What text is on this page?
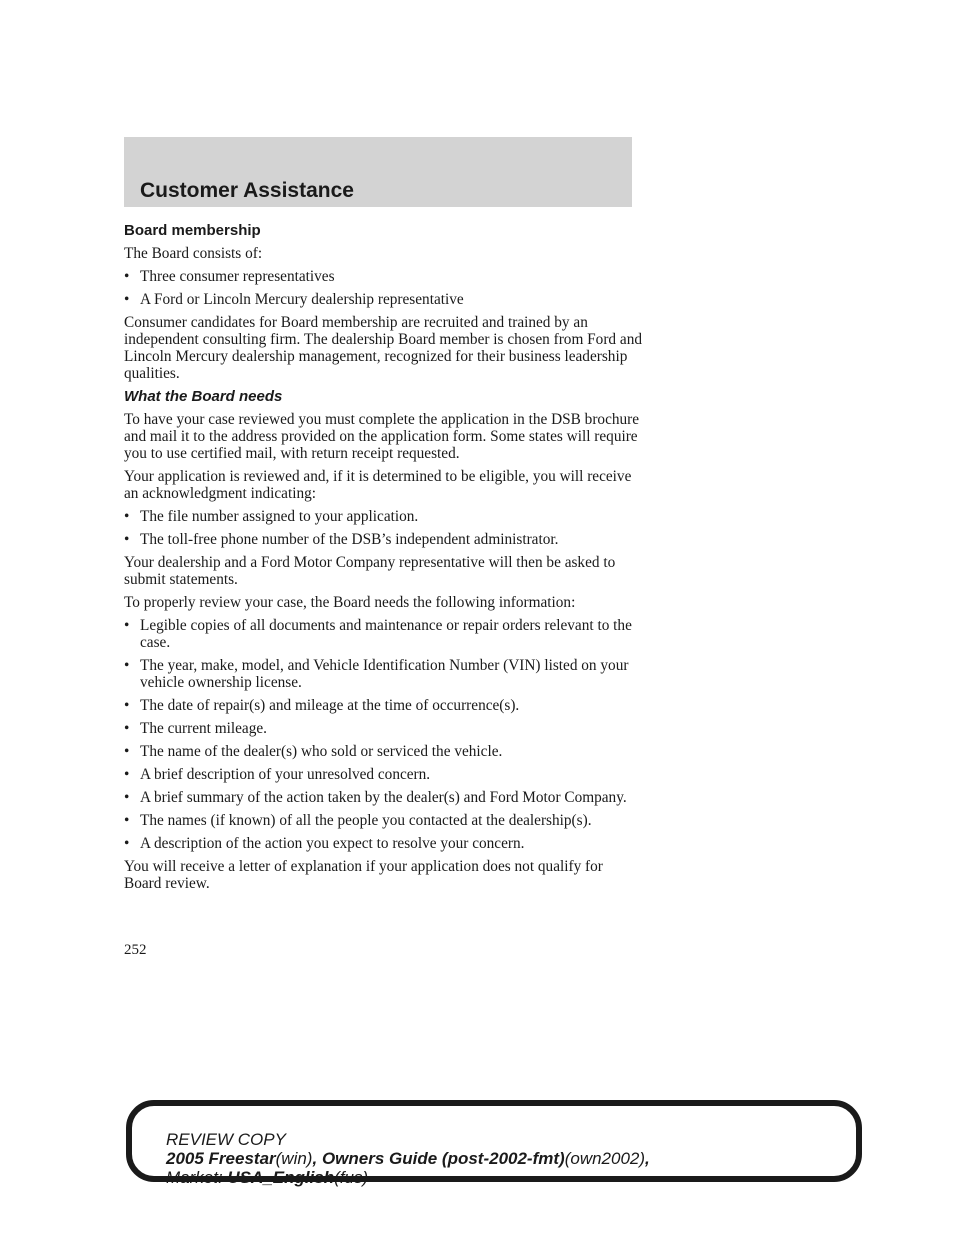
Customer Assistance
Board membership

The Board consists of:

• Three consumer representatives
• A Ford or Lincoln Mercury dealership representative

Consumer candidates for Board membership are recruited and trained by an independent consulting firm. The dealership Board member is chosen from Ford and Lincoln Mercury dealership management, recognized for their business leadership qualities.

What the Board needs

To have your case reviewed you must complete the application in the DSB brochure and mail it to the address provided on the application form. Some states will require you to use certified mail, with return receipt requested.

Your application is reviewed and, if it is determined to be eligible, you will receive an acknowledgment indicating:

• The file number assigned to your application.
• The toll-free phone number of the DSB’s independent administrator.

Your dealership and a Ford Motor Company representative will then be asked to submit statements.

To properly review your case, the Board needs the following information:

• Legible copies of all documents and maintenance or repair orders relevant to the case.
• The year, make, model, and Vehicle Identification Number (VIN) listed on your vehicle ownership license.
• The date of repair(s) and mileage at the time of occurrence(s).
• The current mileage.
• The name of the dealer(s) who sold or serviced the vehicle.
• A brief description of your unresolved concern.
• A brief summary of the action taken by the dealer(s) and Ford Motor Company.
• The names (if known) of all the people you contacted at the dealership(s).
• A description of the action you expect to resolve your concern.

You will receive a letter of explanation if your application does not qualify for Board review.

252
REVIEW COPY
2005 Freestar(win), Owners Guide (post-2002-fmt)(own2002),
Market: USA_English(fus)
